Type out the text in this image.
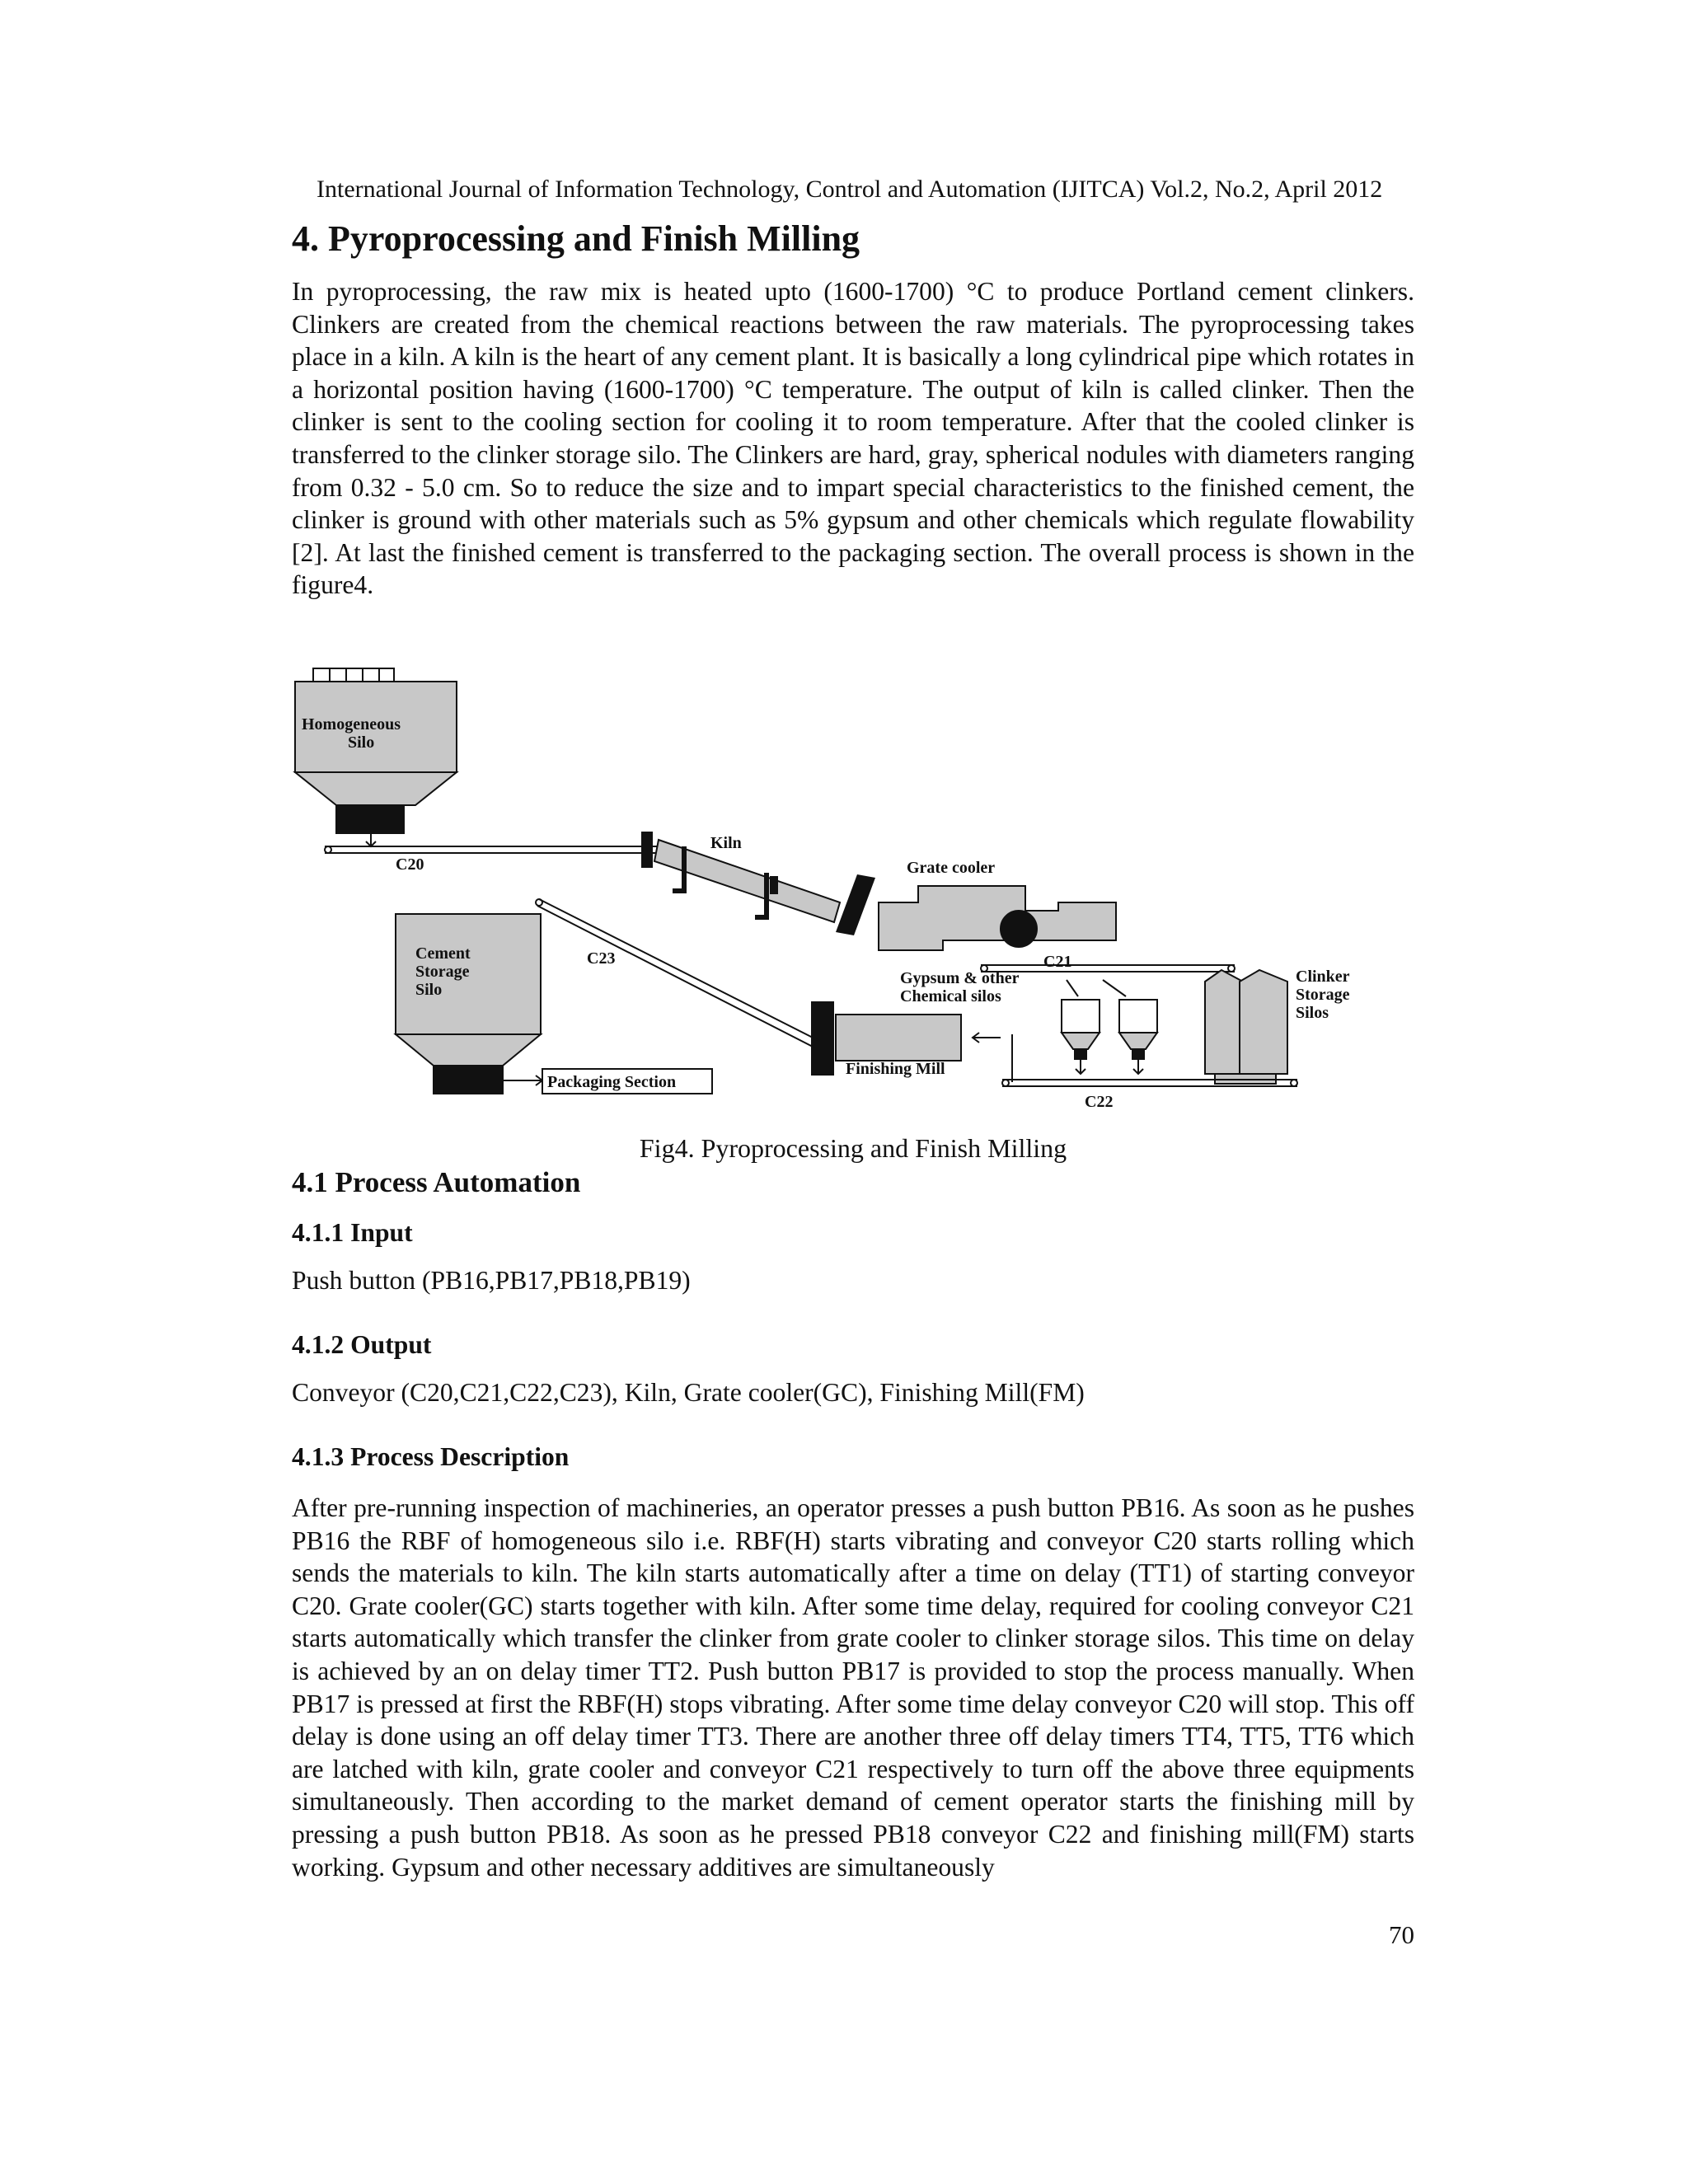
International Journal of Information Technology, Control and Automation (IJITCA) Vol.2, No.2, April 2012
4. Pyroprocessing and Finish Milling
In pyroprocessing, the raw mix is heated upto (1600-1700) °C to produce Portland cement clinkers. Clinkers are created from the chemical reactions between the raw materials. The pyroprocessing takes place in a kiln. A kiln is the heart of any cement plant. It is basically a long cylindrical pipe which rotates in a horizontal position having (1600-1700) °C temperature. The output of kiln is called clinker. Then the clinker is sent to the cooling section for cooling it to room temperature. After that the cooled clinker is transferred to the clinker storage silo. The Clinkers are hard, gray, spherical nodules with diameters ranging from 0.32 - 5.0 cm. So to reduce the size and to impart special characteristics to the finished cement, the clinker is ground with other materials such as 5% gypsum and other chemicals which regulate flowability [2]. At last the finished cement is transferred to the packaging section. The overall process is shown in the figure4.
Homogeneous
Silo
C20
Kiln
Grate cooler
Cement
Storage
Silo
C23	C21
Gypsum & other
Chemical silos
Clinker
Storage
Silos
Finishing Mill
Packaging Section
C22
Fig4. Pyroprocessing and Finish Milling
4.1 Process Automation
4.1.1 Input
Push button (PB16,PB17,PB18,PB19)
4.1.2 Output
Conveyor (C20,C21,C22,C23), Kiln, Grate cooler(GC), Finishing Mill(FM)
4.1.3 Process Description
After pre-running inspection of machineries, an operator presses a push button PB16. As soon as he pushes PB16 the RBF of homogeneous silo i.e. RBF(H) starts vibrating and conveyor C20 starts rolling which sends the materials to kiln. The kiln starts automatically after a time on delay (TT1) of starting conveyor C20. Grate cooler(GC) starts together with kiln. After some time delay, required for cooling conveyor C21 starts automatically which transfer the clinker from grate cooler to clinker storage silos. This time on delay is achieved by an on delay timer TT2. Push button PB17 is provided to stop the process manually. When PB17 is pressed at first the RBF(H) stops vibrating. After some time delay conveyor C20 will stop. This off delay is done using an off delay timer TT3. There are another three off delay timers TT4, TT5, TT6 which are latched with kiln, grate cooler and conveyor C21 respectively to turn off the above three equipments simultaneously. Then according to the market demand of cement operator starts the finishing mill by pressing a push button PB18. As soon as he pressed PB18 conveyor C22 and finishing mill(FM) starts working. Gypsum and other necessary additives are simultaneously
70
